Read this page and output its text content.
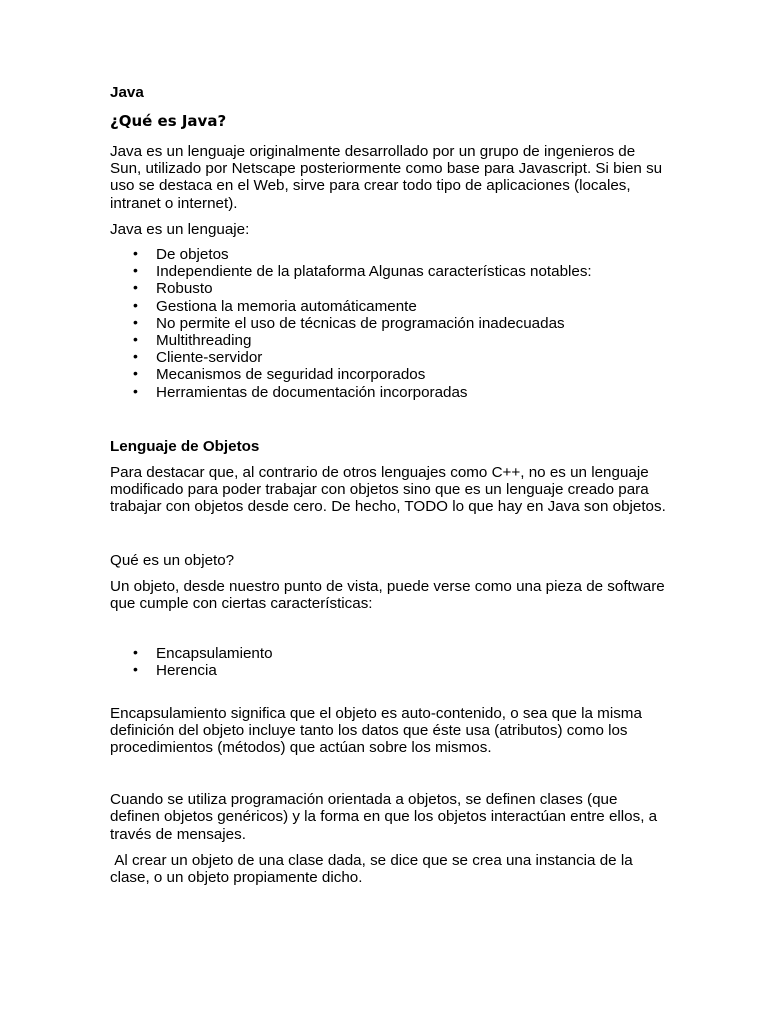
Java

¿Qué es Java?

Java es un lenguaje originalmente desarrollado por un grupo de ingenieros de Sun, utilizado por Netscape posteriormente como base para Javascript. Si bien su uso se destaca en el Web, sirve para crear todo tipo de aplicaciones (locales, intranet o internet).

Java es un lenguaje:

• De objetos
• Independiente de la plataforma Algunas características notables:
• Robusto
• Gestiona la memoria automáticamente
• No permite el uso de técnicas de programación inadecuadas
• Multithreading
• Cliente-servidor
• Mecanismos de seguridad incorporados
• Herramientas de documentación incorporadas

Lenguaje de Objetos

Para destacar que, al contrario de otros lenguajes como C++, no es un lenguaje modificado para poder trabajar con objetos sino que es un lenguaje creado para trabajar con objetos desde cero. De hecho, TODO lo que hay en Java son objetos.

Qué es un objeto?

Un objeto, desde nuestro punto de vista, puede verse como una pieza de software que cumple con ciertas características:

• Encapsulamiento
• Herencia

Encapsulamiento significa que el objeto es auto-contenido, o sea que la misma definición del objeto incluye tanto los datos que éste usa (atributos) como los procedimientos (métodos) que actúan sobre los mismos.

Cuando se utiliza programación orientada a objetos, se definen clases (que definen objetos genéricos) y la forma en que los objetos interactúan entre ellos, a través de mensajes.

Al crear un objeto de una clase dada, se dice que se crea una instancia de la clase, o un objeto propiamente dicho.
